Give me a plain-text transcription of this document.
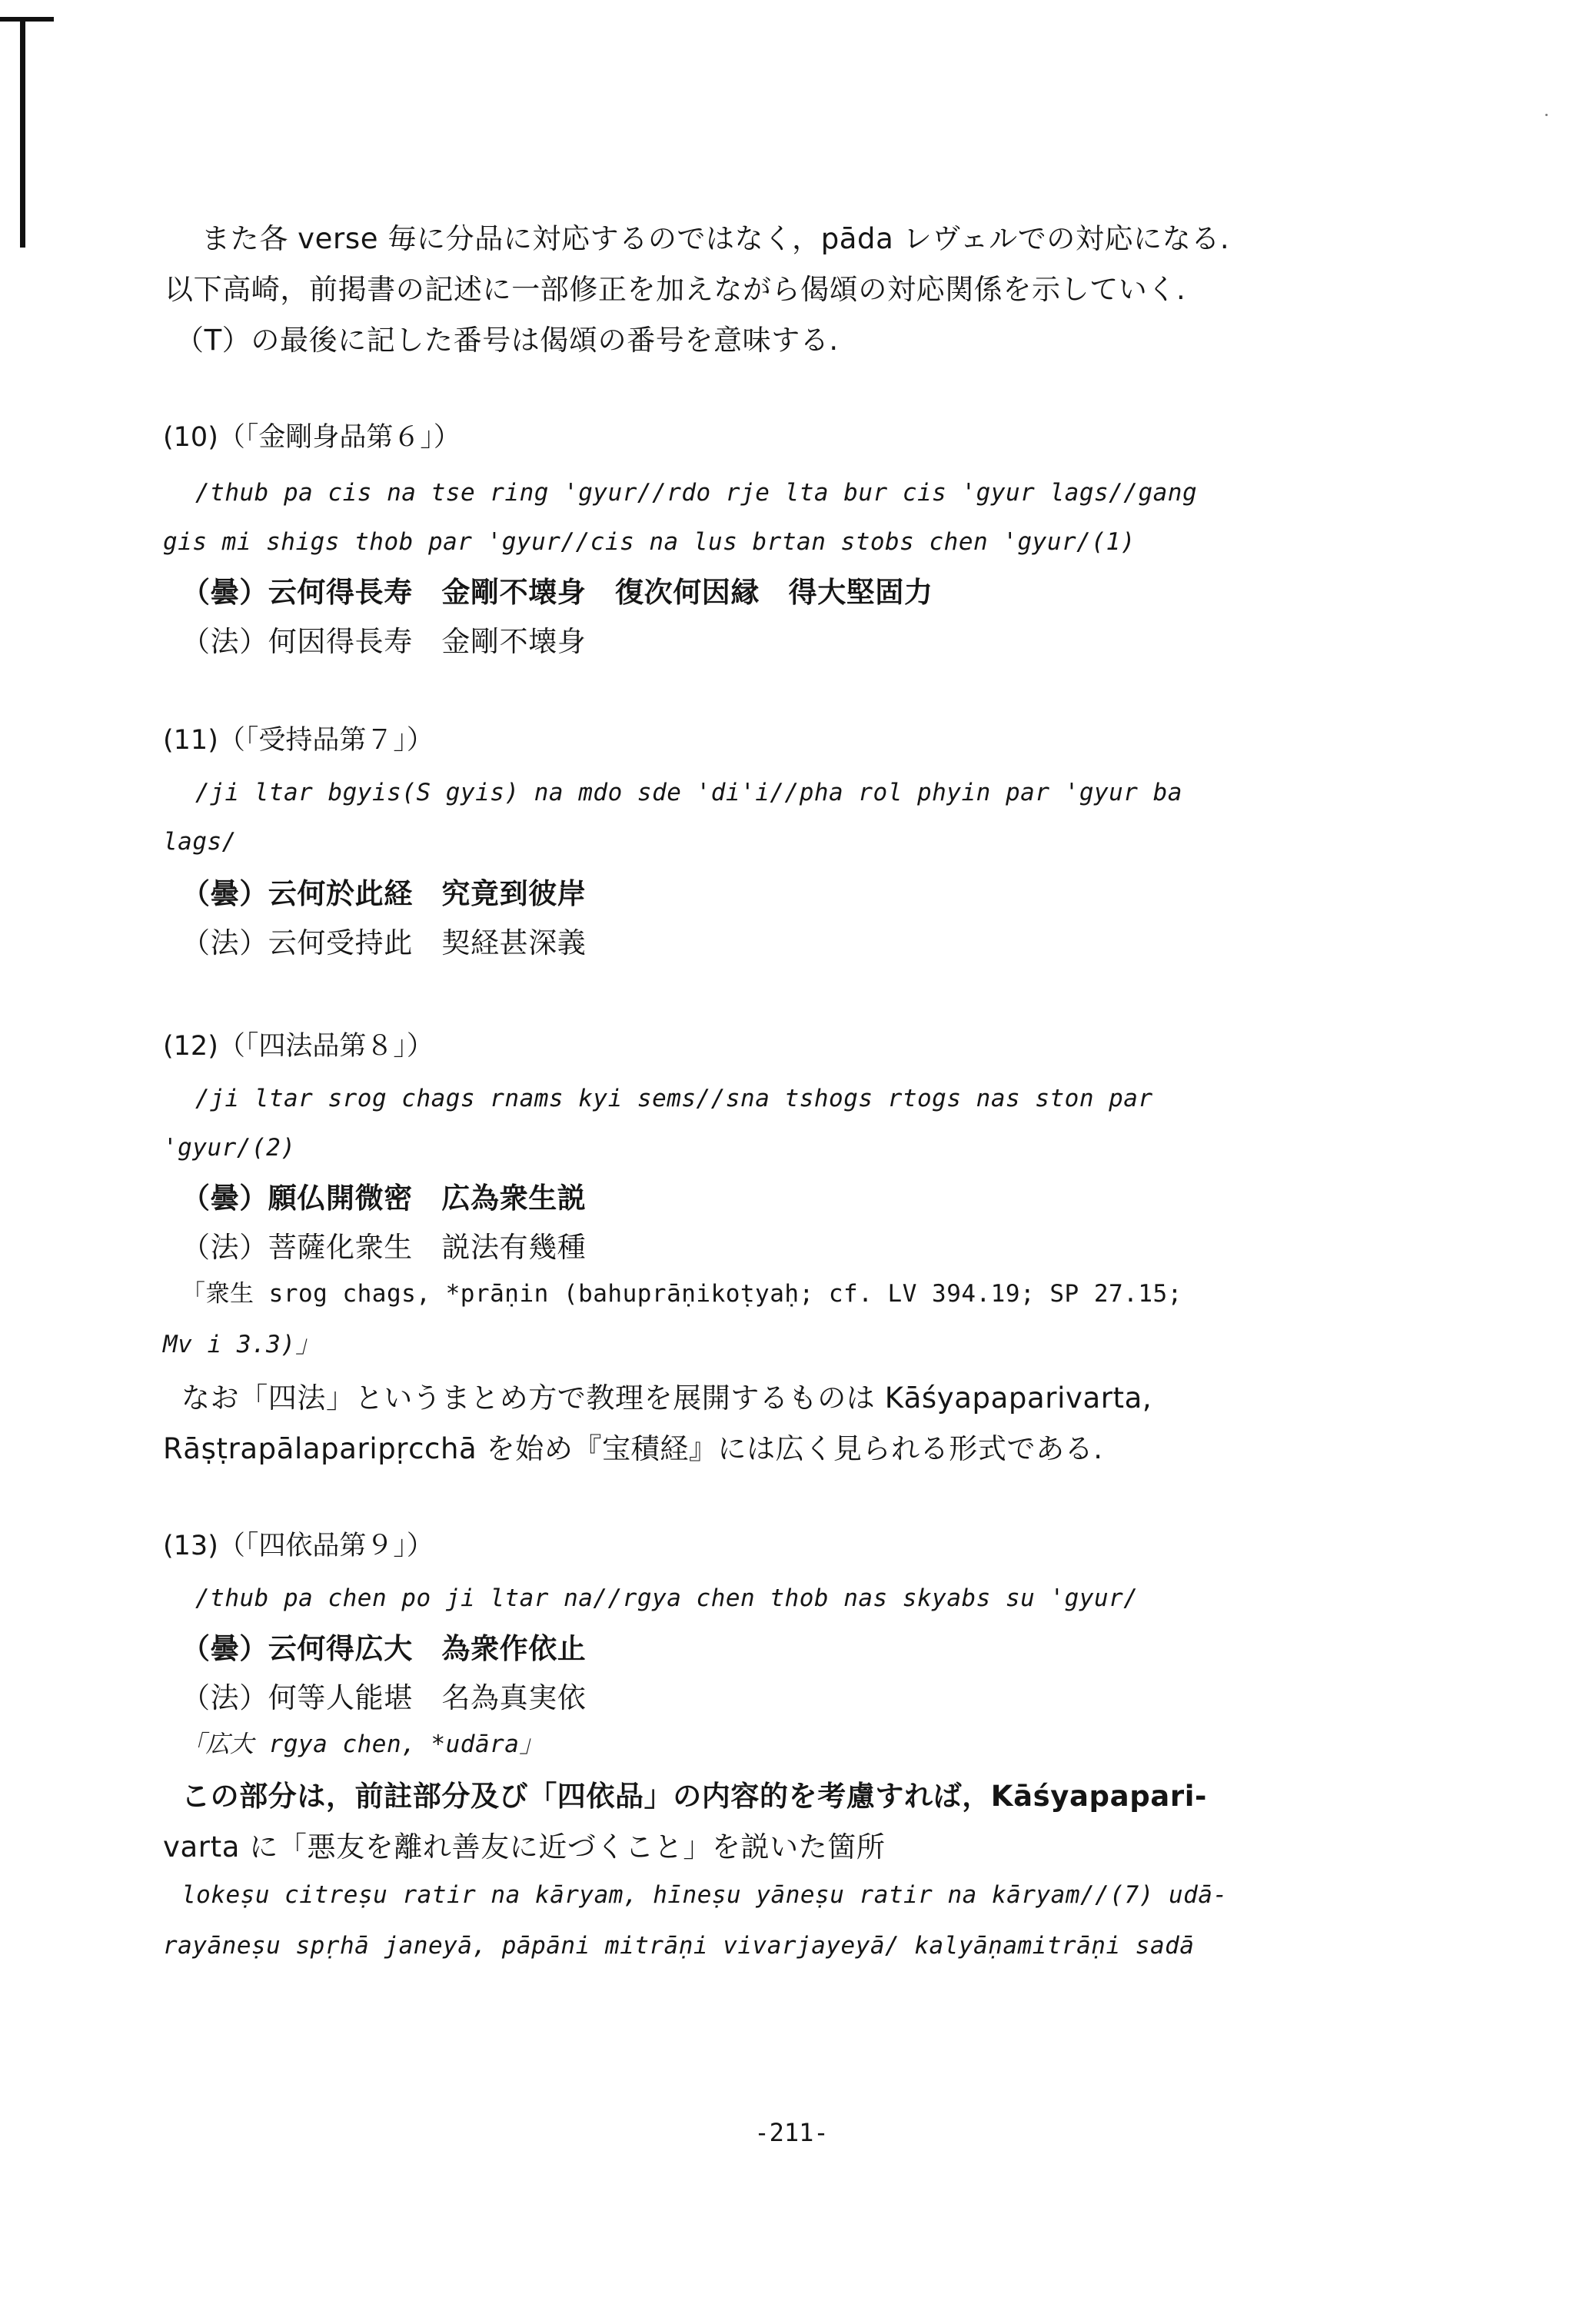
また各 verse 毎に分品に対応するのではなく，pāda レヴェルでの対応になる.
以下高崎，前掲書の記述に一部修正を加えながら偈頌の対応関係を示していく.
（T）の最後に記した番号は偈頌の番号を意味する.
(10)（「金剛身品第６」）
/thub pa cis na tse ring 'gyur//rdo rje lta bur cis 'gyur lags//gang
gis mi shigs thob par 'gyur//cis na lus brtan stobs chen 'gyur/(1)
（曇）云何得長寿　金剛不壊身　復次何因縁　得大堅固力
（法）何因得長寿　金剛不壊身
(11)（「受持品第７」）
/ji ltar bgyis(S gyis) na mdo sde 'di'i//pha rol phyin par 'gyur ba
lags/
（曇）云何於此経　究竟到彼岸
（法）云何受持此　契経甚深義
(12)（「四法品第８」）
/ji ltar srog chags rnams kyi sems//sna tshogs rtogs nas ston par
'gyur/(2)
（曇）願仏開微密　広為衆生説
（法）菩薩化衆生　説法有幾種
「衆生 srog chags, *prāṇin (bahuprāṇikoṭyaḥ; cf. LV 394.19; SP 27.15;
Mv i 3.3)」
なお「四法」というまとめ方で教理を展開するものは Kāśyapaparivarta,
Rāṣṭrapālaparipṛcchā を始め『宝積経』には広く見られる形式である.
(13)（「四依品第９」）
/thub pa chen po ji ltar na//rgya chen thob nas skyabs su 'gyur/
（曇）云何得広大　為衆作依止
（法）何等人能堪　名為真実依
「広大 rgya chen, *udāra」
この部分は，前註部分及び「四依品」の内容的を考慮すれば，Kāśyapapari-
varta に「悪友を離れ善友に近づくこと」を説いた箇所
lokeṣu citreṣu ratir na kāryam, hīneṣu yāneṣu ratir na kāryam//(7) udā-
rayāneṣu spṛhā janeyā, pāpāni mitrāṇi vivarjayeyā/ kalyāṇamitrāṇi sadā
-211-
